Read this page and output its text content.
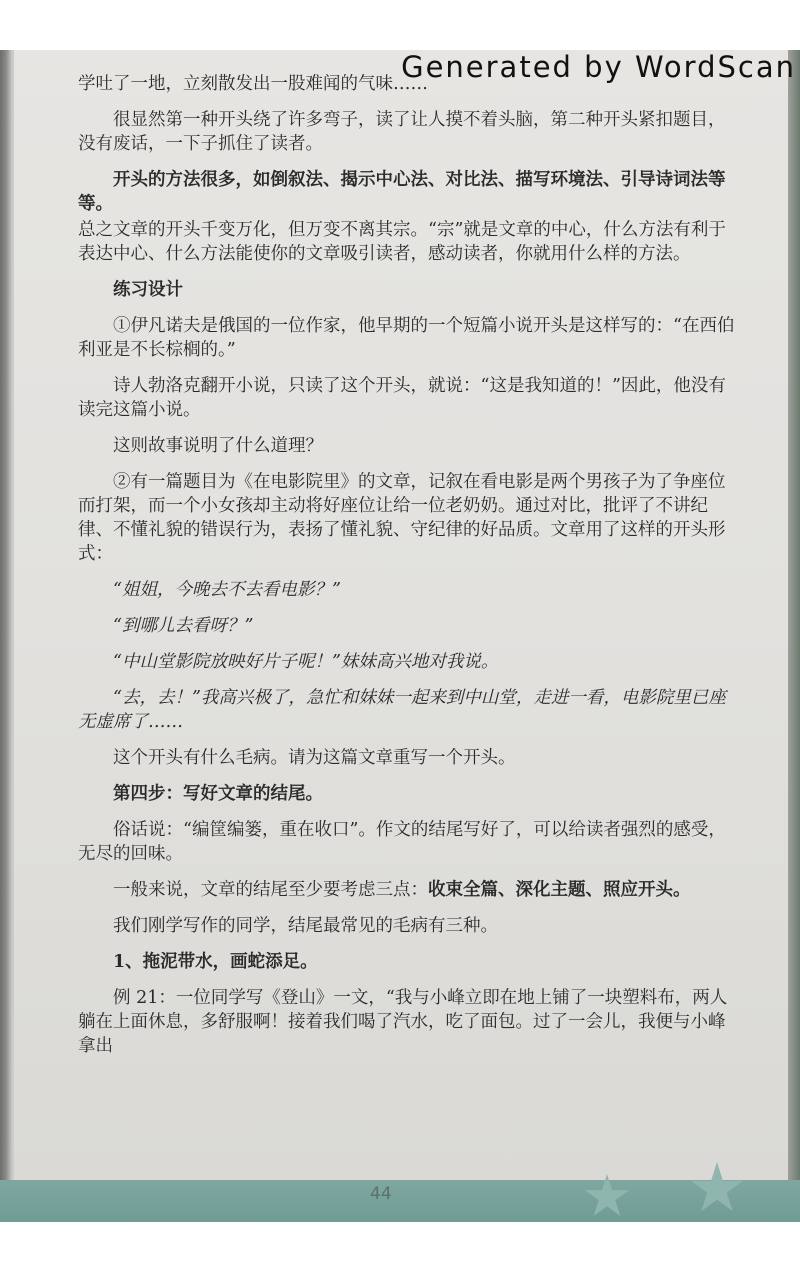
学吐了一地，立刻散发出一股难闻的气味……

很显然第一种开头绕了许多弯子，读了让人摸不着头脑，第二种开头紧扣题目，没有废话，一下子抓住了读者。

开头的方法很多，如倒叙法、揭示中心法、对比法、描写环境法、引导诗词法等等。

总之文章的开头千变万化，但万变不离其宗。“宗”就是文章的中心，什么方法有利于表达中心、什么方法能使你的文章吸引读者，感动读者，你就用什么样的方法。

练习设计

①伊凡诺夫是俄国的一位作家，他早期的一个短篇小说开头是这样写的：“在西伯利亚是不长棕榈的。”

诗人勃洛克翻开小说，只读了这个开头，就说：“这是我知道的！”因此，他没有读完这篇小说。

这则故事说明了什么道理？

②有一篇题目为《在电影院里》的文章，记叙在看电影是两个男孩子为了争座位而打架，而一个小女孩却主动将好座位让给一位老奶奶。通过对比，批评了不讲纪律、不懂礼貌的错误行为，表扬了懂礼貌、守纪律的好品质。文章用了这样的开头形式：

“姐姐，今晚去不去看电影？”

“到哪儿去看呀？”

“中山堂影院放映好片子呢！”妹妹高兴地对我说。

“去，去！”我高兴极了，急忙和妹妹一起来到中山堂，走进一看，电影院里已座无虚席了……

这个开头有什么毛病。请为这篇文章重写一个开头。

第四步：写好文章的结尾。

俗话说：“编筐编篓，重在收口”。作文的结尾写好了，可以给读者强烈的感受，无尽的回味。

一般来说，文章的结尾至少要考虑三点：收束全篇、深化主题、照应开头。

我们刚学写作的同学，结尾最常见的毛病有三种。

1、拖泥带水，画蛇添足。

例 21：一位同学写《登山》一文，“我与小峰立即在地上铺了一块塑料布，两人躺在上面休息，多舒服啊！接着我们喝了汽水，吃了面包。过了一会儿，我便与小峰拿出

44
Generated by WordScan
